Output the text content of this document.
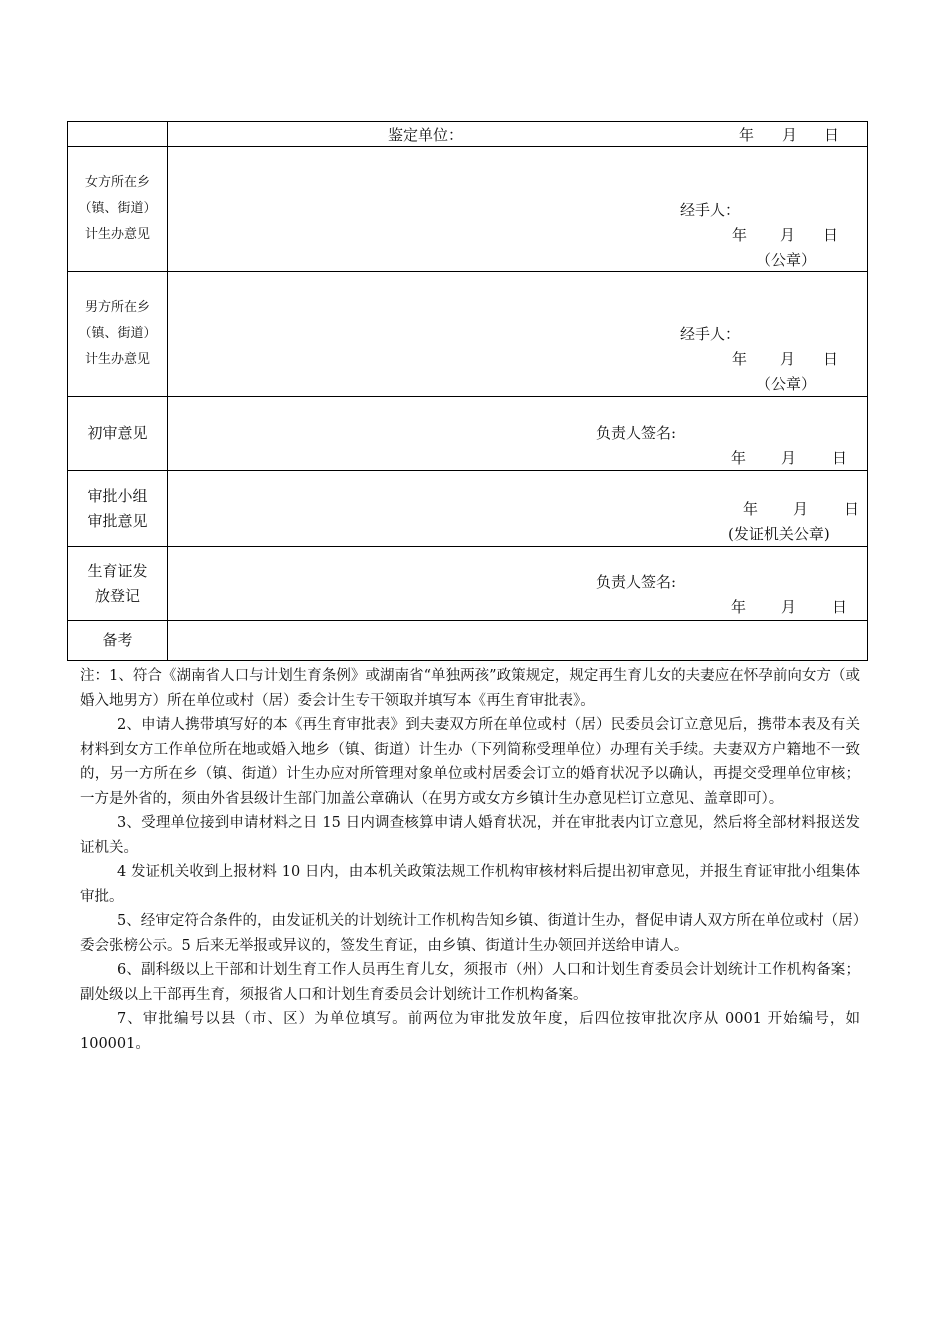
鉴定单位：	年 月 日
女方所在乡
（镇、街道）
计生办意见
经手人：
年 月 日
（公章）
男方所在乡
（镇、街道）
计生办意见
经手人：
年 月 日
（公章）
初审意见	负责人签名:
年 月 日
审批小组
审批意见
年 月 日
(发证机关公章)
生育证发
放登记
负责人签名:
年 月 日
备考

注：1、符合《湖南省人口与计划生育条例》或湖南省“单独两孩”政策规定，规定再生育儿女的夫妻应在怀孕前向女方（或婚入地男方）所在单位或村（居）委会计生专干领取并填写本《再生育审批表》。

2、申请人携带填写好的本《再生育审批表》到夫妻双方所在单位或村（居）民委员会订立意见后，携带本表及有关材料到女方工作单位所在地或婚入地乡（镇、街道）计生办（下列简称受理单位）办理有关手续。夫妻双方户籍地不一致的，另一方所在乡（镇、街道）计生办应对所管理对象单位或村居委会订立的婚育状况予以确认，再提交受理单位审核；一方是外省的，须由外省县级计生部门加盖公章确认（在男方或女方乡镇计生办意见栏订立意见、盖章即可）。

3、受理单位接到申请材料之日 15 日内调查核算申请人婚育状况，并在审批表内订立意见，然后将全部材料报送发证机关。

4 发证机关收到上报材料 10 日内，由本机关政策法规工作机构审核材料后提出初审意见，并报生育证审批小组集体审批。

5、经审定符合条件的，由发证机关的计划统计工作机构告知乡镇、街道计生办，督促申请人双方所在单位或村（居）委会张榜公示。5 后来无举报或异议的，签发生育证，由乡镇、街道计生办领回并送给申请人。

6、副科级以上干部和计划生育工作人员再生育儿女，须报市（州）人口和计划生育委员会计划统计工作机构备案；副处级以上干部再生育，须报省人口和计划生育委员会计划统计工作机构备案。

7、审批编号以县（市、区）为单位填写。前两位为审批发放年度，后四位按审批次序从 0001 开始编号，如 100001。
